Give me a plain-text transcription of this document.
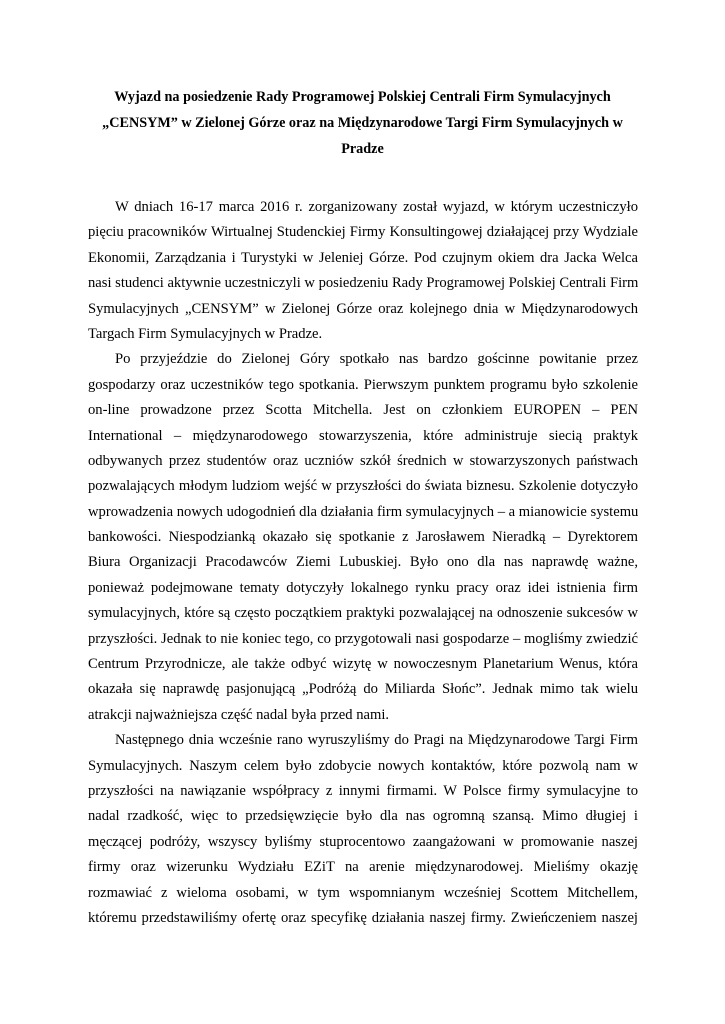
Wyjazd na posiedzenie Rady Programowej Polskiej Centrali Firm Symulacyjnych
„CENSYM” w Zielonej Górze oraz na Międzynarodowe Targi Firm Symulacyjnych w
Pradze
W dniach 16-17 marca 2016 r. zorganizowany został wyjazd, w którym uczestniczyło
pięciu pracowników Wirtualnej Studenckiej Firmy Konsultingowej działającej przy Wydziale
Ekonomii, Zarządzania i Turystyki w Jeleniej Górze. Pod czujnym okiem dra Jacka Welca
nasi studenci aktywnie uczestniczyli w posiedzeniu Rady Programowej Polskiej Centrali Firm
Symulacyjnych „CENSYM” w Zielonej Górze oraz kolejnego dnia w Międzynarodowych
Targach Firm Symulacyjnych w Pradze.
Po przyjeździe do Zielonej Góry spotkało nas bardzo gościnne powitanie przez
gospodarzy oraz uczestników tego spotkania. Pierwszym punktem programu było szkolenie
on-line prowadzone przez Scotta Mitchella. Jest on członkiem EUROPEN – PEN
International – międzynarodowego stowarzyszenia, które administruje siecią praktyk
odbywanych przez studentów oraz uczniów szkół średnich w stowarzyszonych państwach
pozwalających młodym ludziom wejść w przyszłości do świata biznesu. Szkolenie dotyczyło
wprowadzenia nowych udogodnień dla działania firm symulacyjnych – a mianowicie systemu
bankowości. Niespodzianką okazało się spotkanie z Jarosławem Nieradką – Dyrektorem
Biura Organizacji Pracodawców Ziemi Lubuskiej. Było ono dla nas naprawdę ważne,
ponieważ podejmowane tematy dotyczyły lokalnego rynku pracy oraz idei istnienia firm
symulacyjnych, które są często początkiem praktyki pozwalającej na odnoszenie sukcesów w
przyszłości. Jednak to nie koniec tego, co przygotowali nasi gospodarze – mogliśmy zwiedzić
Centrum Przyrodnicze, ale także odbyć wizytę w nowoczesnym Planetarium Wenus, która
okazała się naprawdę pasjonującą „Podróżą do Miliarda Słońc”. Jednak mimo tak wielu
atrakcji najważniejsza część nadal była przed nami.
Następnego dnia wcześnie rano wyruszyliśmy do Pragi na Międzynarodowe Targi Firm
Symulacyjnych. Naszym celem było zdobycie nowych kontaktów, które pozwolą nam w
przyszłości na nawiązanie współpracy z innymi firmami. W Polsce firmy symulacyjne to
nadal rzadkość, więc to przedsięwzięcie było dla nas ogromną szansą. Mimo długiej i
męczącej podróży, wszyscy byliśmy stuprocentowo zaangażowani w promowanie naszej
firmy oraz wizerunku Wydziału EZiT na arenie międzynarodowej. Mieliśmy okazję
rozmawiać z wieloma osobami, w tym wspomnianym wcześniej Scottem Mitchellem,
któremu przedstawiliśmy ofertę oraz specyfikę działania naszej firmy. Zwieńczeniem naszej
